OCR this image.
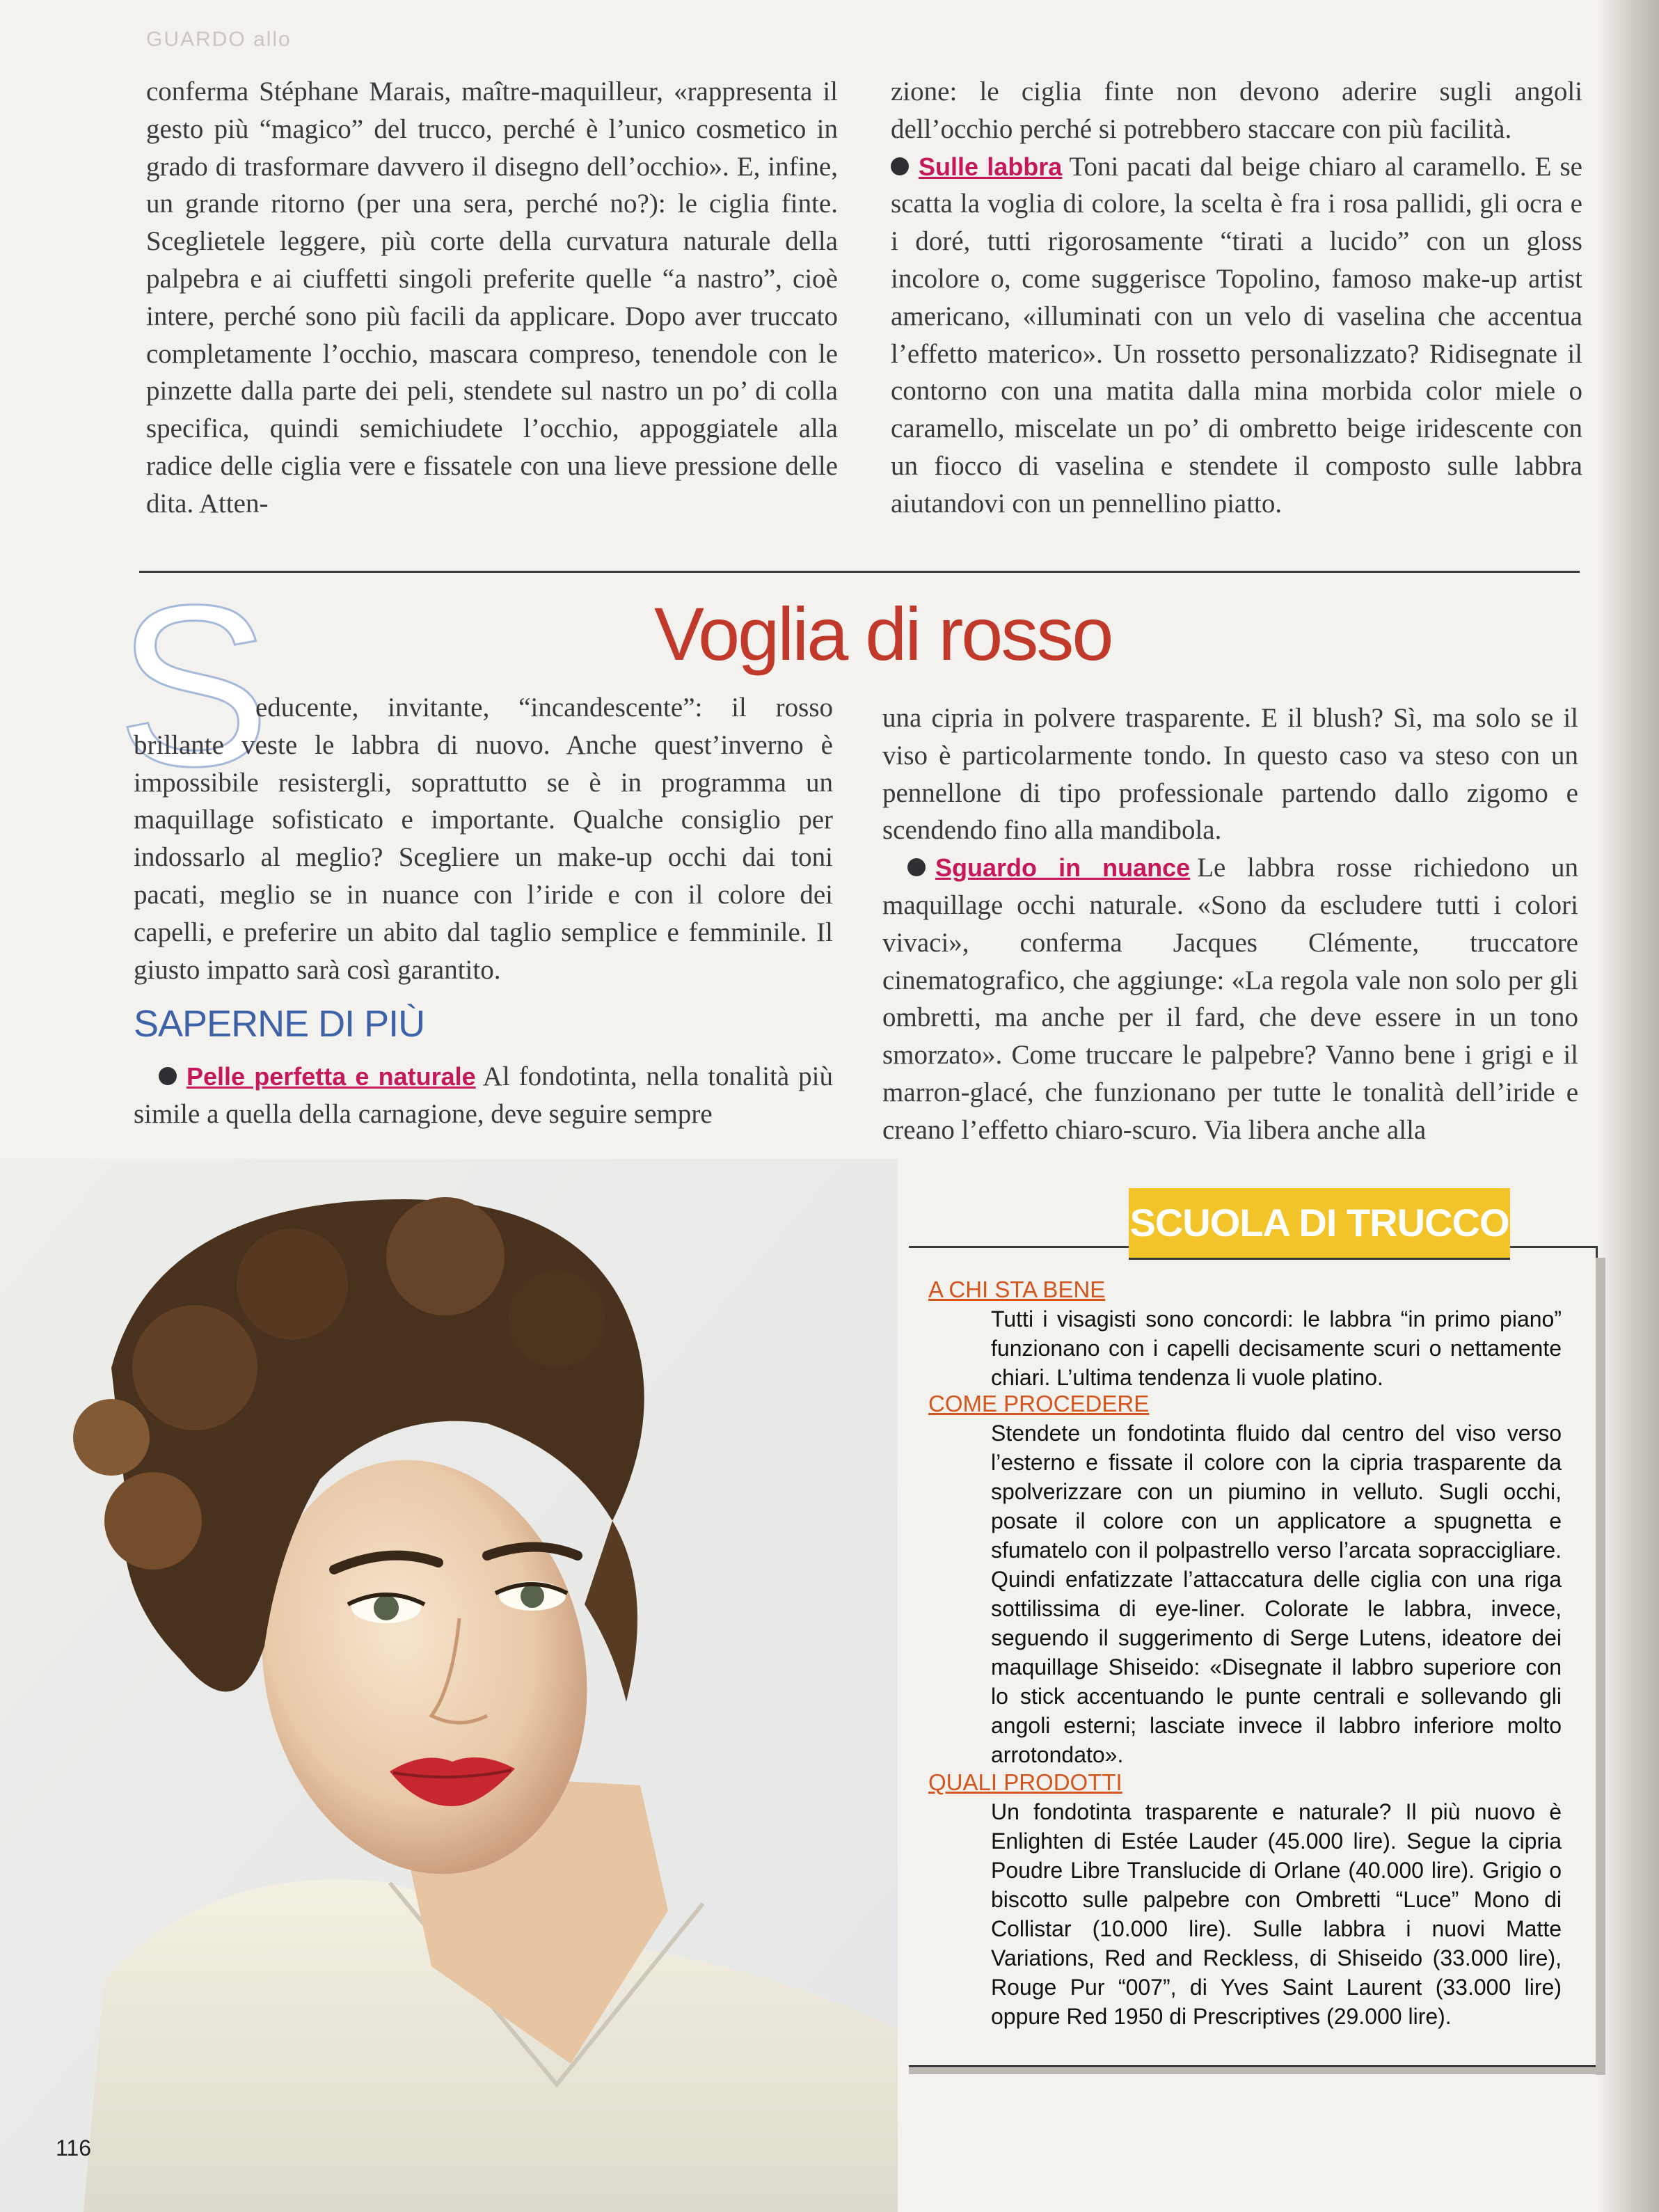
GUARDO allo

conferma Stéphane Marais, maître-maquilleur, «rappresenta il gesto più “magico” del trucco, perché è l’unico cosmetico in grado di trasformare davvero il disegno dell’occhio». E, infine, un grande ritorno (per una sera, perché no?): le ciglia finte. Sceglietele leggere, più corte della curvatura naturale della palpebra e ai ciuffetti singoli preferite quelle “a nastro”, cioè intere, perché sono più facili da applicare. Dopo aver truccato completamente l’occhio, mascara compreso, tenendole con le pinzette dalla parte dei peli, stendete sul nastro un po’ di colla specifica, quindi semichiudete l’occhio, appoggiatele alla radice delle ciglia vere e fissatele con una lieve pressione delle dita. Atten-

zione: le ciglia finte non devono aderire sugli angoli dell’occhio perché si potrebbero staccare con più facilità.

Sulle labbra Toni pacati dal beige chiaro al caramello. E se scatta la voglia di colore, la scelta è fra i rosa pallidi, gli ocra e i doré, tutti rigorosamente “tirati a lucido” con un gloss incolore o, come suggerisce Topolino, famoso make-up artist americano, «illuminati con un velo di vaselina che accentua l’effetto materico». Un rossetto personalizzato? Ridisegnate il contorno con una matita dalla mina morbida color miele o caramello, miscelate un po’ di ombretto beige iridescente con un fiocco di vaselina e stendete il composto sulle labbra aiutandovi con un pennellino piatto.

S	Voglia di rosso

educente, invitante, “incandescente”: il rosso brillante veste le labbra di nuovo. Anche quest’inverno è impossibile resistergli, soprattutto se è in programma un maquillage sofisticato e importante. Qualche consiglio per indossarlo al meglio? Scegliere un make-up occhi dai toni pacati, meglio se in nuance con l’iride e con il colore dei capelli, e preferire un abito dal taglio semplice e femminile. Il giusto impatto sarà così garantito.

SAPERNE DI PIÙ

Pelle perfetta e naturale Al fondotinta, nella tonalità più simile a quella della carnagione, deve seguire sempre

una cipria in polvere trasparente. E il blush? Sì, ma solo se il viso è particolarmente tondo. In questo caso va steso con un pennellone di tipo professionale partendo dallo zigomo e scendendo fino alla mandibola.

Sguardo in nuance Le labbra rosse richiedono un maquillage occhi naturale. «Sono da escludere tutti i colori vivaci», conferma Jacques Clémente, truccatore cinematografico, che aggiunge: «La regola vale non solo per gli ombretti, ma anche per il fard, che deve essere in un tono smorzato». Come truccare le palpebre? Vanno bene i grigi e il marron-glacé, che funzionano per tutte le tonalità dell’iride e creano l’effetto chiaro-scuro. Via libera anche alla

SCUOLA DI TRUCCO
A CHI STA BENE

Tutti i visagisti sono concordi: le labbra “in primo piano” funzionano con i capelli decisamente scuri o nettamente chiari. L’ultima tendenza li vuole platino.

COME PROCEDERE

Stendete un fondotinta fluido dal centro del viso verso l’esterno e fissate il colore con la cipria trasparente da spolverizzare con un piumino in velluto. Sugli occhi, posate il colore con un applicatore a spugnetta e sfumatelo con il polpastrello verso l’arcata sopraccigliare. Quindi enfatizzate l’attaccatura delle ciglia con una riga sottilissima di eye-liner. Colorate le labbra, invece, seguendo il suggerimento di Serge Lutens, ideatore dei maquillage Shiseido: «Disegnate il labbro superiore con lo stick accentuando le punte centrali e sollevando gli angoli esterni; lasciate invece il labbro inferiore molto arrotondato».

QUALI PRODOTTI

Un fondotinta trasparente e naturale? Il più nuovo è Enlighten di Estée Lauder (45.000 lire). Segue la cipria Poudre Libre Translucide di Orlane (40.000 lire). Grigio o biscotto sulle palpebre con Ombretti “Luce” Mono di Collistar (10.000 lire). Sulle labbra i nuovi Matte Variations, Red and Reckless, di Shiseido (33.000 lire), Rouge Pur “007”, di Yves Saint Laurent (33.000 lire) oppure Red 1950 di Prescriptives (29.000 lire).

116
